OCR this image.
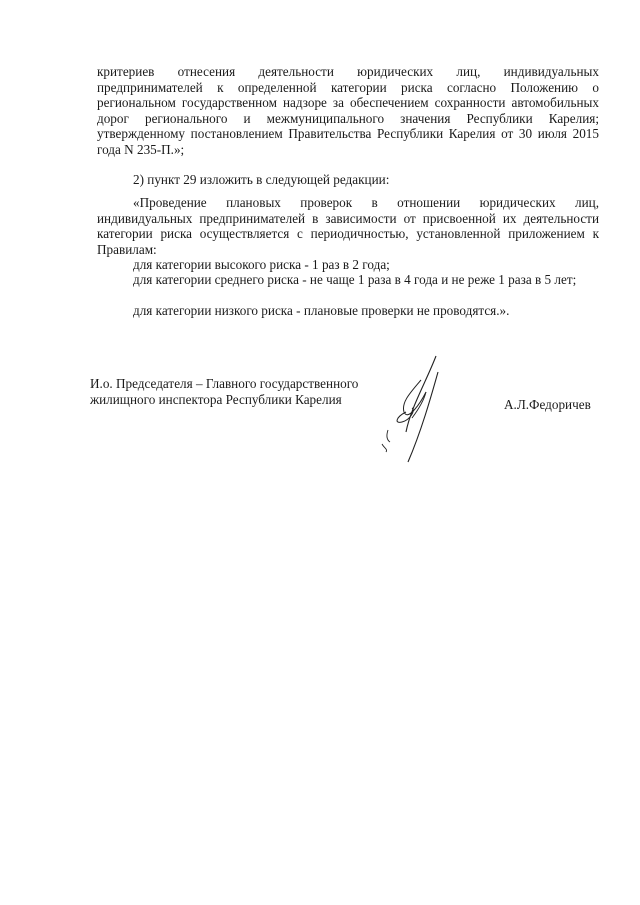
критериев отнесения деятельности юридических лиц, индивидуальных предпринимателей к определенной категории риска согласно Положению о региональном государственном надзоре за обеспечением сохранности автомобильных дорог регионального и межмуниципального значения Республики Карелия; утвержденному постановлением Правительства Республики Карелия от 30 июля 2015 года N 235-П.»;
2) пункт 29 изложить в следующей редакции:
«Проведение плановых проверок в отношении юридических лиц, индивидуальных предпринимателей в зависимости от присвоенной их деятельности категории риска осуществляется с периодичностью, установленной приложением к Правилам:
для категории высокого риска - 1 раз в 2 года;
для категории среднего риска - не чаще 1 раза в 4 года и не реже 1 раза в 5 лет;
для категории низкого риска - плановые проверки не проводятся.».
И.о. Председателя – Главного государственного
жилищного инспектора Республики Карелия	А.Л.Федоричев
